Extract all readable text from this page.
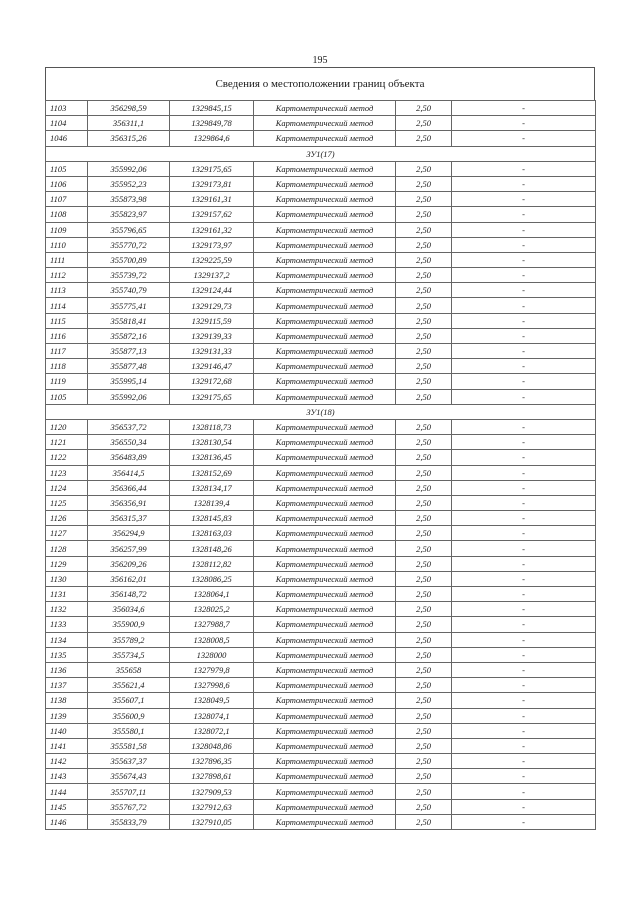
195
Сведения о местоположении границ объекта
1103	356298,59	1329845,15	Картометрический метод	2,50	-
1104	356311,1	1329849,78	Картометрический метод	2,50	-
1046	356315,26	1329864,6	Картометрический метод	2,50	-
ЗУ1(17)					
1105	355992,06	1329175,65	Картометрический метод	2,50	-
1106	355952,23	1329173,81	Картометрический метод	2,50	-
1107	355873,98	1329161,31	Картометрический метод	2,50	-
1108	355823,97	1329157,62	Картометрический метод	2,50	-
1109	355796,65	1329161,32	Картометрический метод	2,50	-
1110	355770,72	1329173,97	Картометрический метод	2,50	-
1111	355700,89	1329225,59	Картометрический метод	2,50	-
1112	355739,72	1329137,2	Картометрический метод	2,50	-
1113	355740,79	1329124,44	Картометрический метод	2,50	-
1114	355775,41	1329129,73	Картометрический метод	2,50	-
1115	355818,41	1329115,59	Картометрический метод	2,50	-
1116	355872,16	1329139,33	Картометрический метод	2,50	-
1117	355877,13	1329131,33	Картометрический метод	2,50	-
1118	355877,48	1329146,47	Картометрический метод	2,50	-
1119	355995,14	1329172,68	Картометрический метод	2,50	-
1105	355992,06	1329175,65	Картометрический метод	2,50	-
ЗУ1(18)					
1120	356537,72	1328118,73	Картометрический метод	2,50	-
1121	356550,34	1328130,54	Картометрический метод	2,50	-
1122	356483,89	1328136,45	Картометрический метод	2,50	-
1123	356414,5	1328152,69	Картометрический метод	2,50	-
1124	356366,44	1328134,17	Картометрический метод	2,50	-
1125	356356,91	1328139,4	Картометрический метод	2,50	-
1126	356315,37	1328145,83	Картометрический метод	2,50	-
1127	356294,9	1328163,03	Картометрический метод	2,50	-
1128	356257,99	1328148,26	Картометрический метод	2,50	-
1129	356209,26	1328112,82	Картометрический метод	2,50	-
1130	356162,01	1328086,25	Картометрический метод	2,50	-
1131	356148,72	1328064,1	Картометрический метод	2,50	-
1132	356034,6	1328025,2	Картометрический метод	2,50	-
1133	355900,9	1327988,7	Картометрический метод	2,50	-
1134	355789,2	1328008,5	Картометрический метод	2,50	-
1135	355734,5	1328000	Картометрический метод	2,50	-
1136	355658	1327979,8	Картометрический метод	2,50	-
1137	355621,4	1327998,6	Картометрический метод	2,50	-
1138	355607,1	1328049,5	Картометрический метод	2,50	-
1139	355600,9	1328074,1	Картометрический метод	2,50	-
1140	355580,1	1328072,1	Картометрический метод	2,50	-
1141	355581,58	1328048,86	Картометрический метод	2,50	-
1142	355637,37	1327896,35	Картометрический метод	2,50	-
1143	355674,43	1327898,61	Картометрический метод	2,50	-
1144	355707,11	1327909,53	Картометрический метод	2,50	-
1145	355767,72	1327912,63	Картометрический метод	2,50	-
1146	355833,79	1327910,05	Картометрический метод	2,50	-
